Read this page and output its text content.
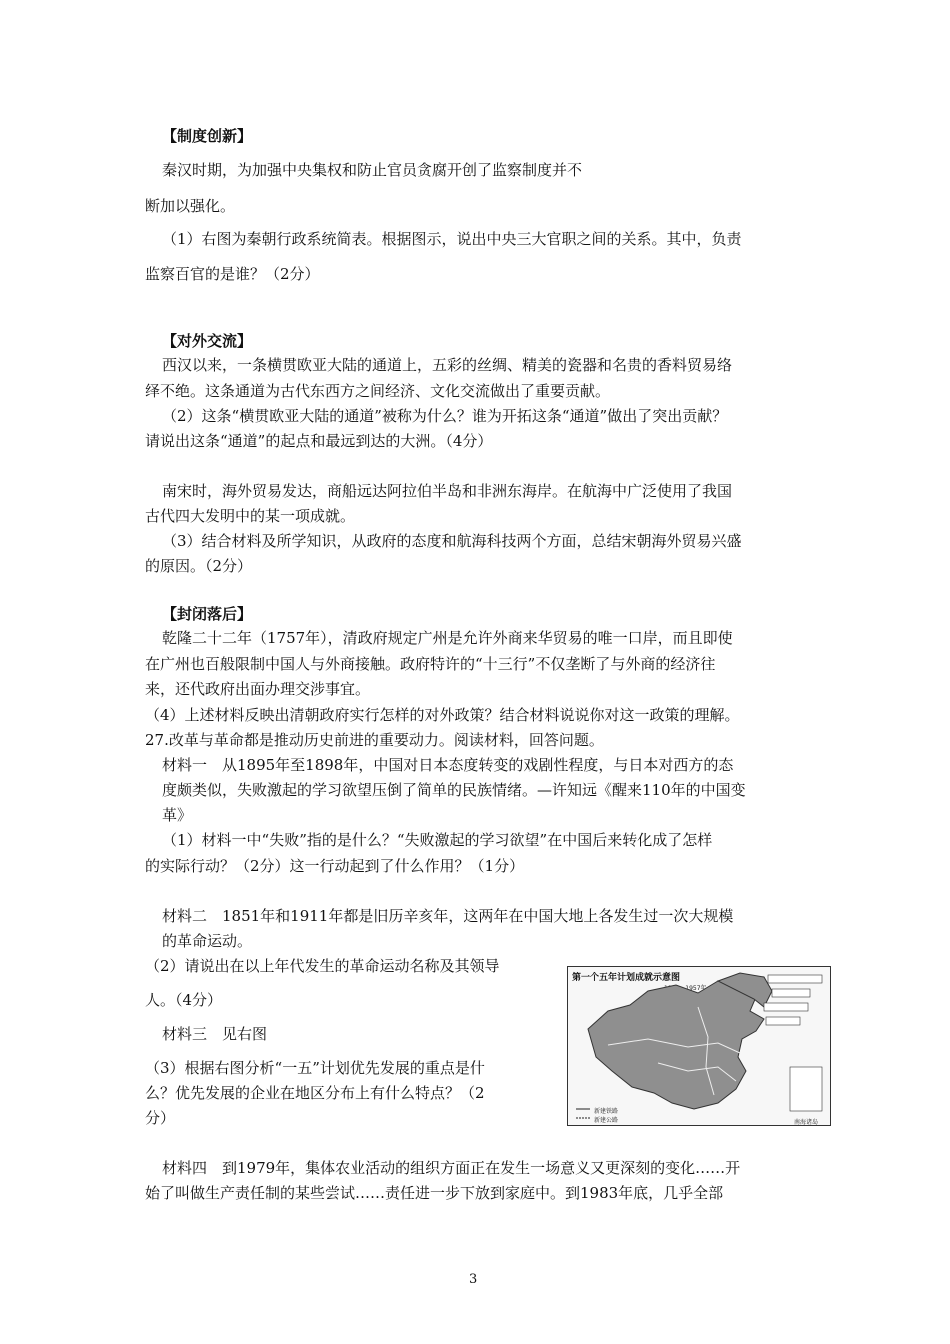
【制度创新】
秦汉时期，为加强中央集权和防止官员贪腐开创了监察制度并不
断加以强化。
（1）右图为秦朝行政系统简表。根据图示，说出中央三大官职之间的关系。其中，负责
监察百官的是谁？（2分）
【对外交流】
西汉以来，一条横贯欧亚大陆的通道上，五彩的丝绸、精美的瓷器和名贵的香料贸易络
绎不绝。这条通道为古代东西方之间经济、文化交流做出了重要贡献。
（2）这条“横贯欧亚大陆的通道”被称为什么？谁为开拓这条“通道”做出了突出贡献？
请说出这条“通道”的起点和最远到达的大洲。（4分）
南宋时，海外贸易发达，商船远达阿拉伯半岛和非洲东海岸。在航海中广泛使用了我国
古代四大发明中的某一项成就。
（3）结合材料及所学知识，从政府的态度和航海科技两个方面，总结宋朝海外贸易兴盛
的原因。（2分）
【封闭落后】
乾隆二十二年（1757年），清政府规定广州是允许外商来华贸易的唯一口岸，而且即使
在广州也百般限制中国人与外商接触。政府特许的“十三行”不仅垄断了与外商的经济往
来，还代政府出面办理交涉事宜。
（4）上述材料反映出清朝政府实行怎样的对外政策？结合材料说说你对这一政策的理解。
27.改革与革命都是推动历史前进的重要动力。阅读材料，回答问题。
材料一　从1895年至1898年，中国对日本态度转变的戏剧性程度，与日本对西方的态
度颇类似，失败激起的学习欲望压倒了简单的民族情绪。—许知远《醒来110年的中国变
革》
（1）材料一中“失败”指的是什么？“失败激起的学习欲望”在中国后来转化成了怎样
的实际行动？（2分）这一行动起到了什么作用？（1分）
材料二　1851年和1911年都是旧历辛亥年，这两年在中国大地上各发生过一次大规模
的革命运动。
（2）请说出在以上年代发生的革命运动名称及其领导
人。（4分）
材料三　见右图
（3）根据右图分析“一五”计划优先发展的重点是什
么？优先发展的企业在地区分布上有什么特点？（2
分）
材料四　到1979年，集体农业活动的组织方面正在发生一场意义又更深刻的变化……开
始了叫做生产责任制的某些尝试……责任进一步下放到家庭中。到1983年底，几乎全部
第一个五年计划成就示意图
新建铁路
新建公路	南海诸岛
3
